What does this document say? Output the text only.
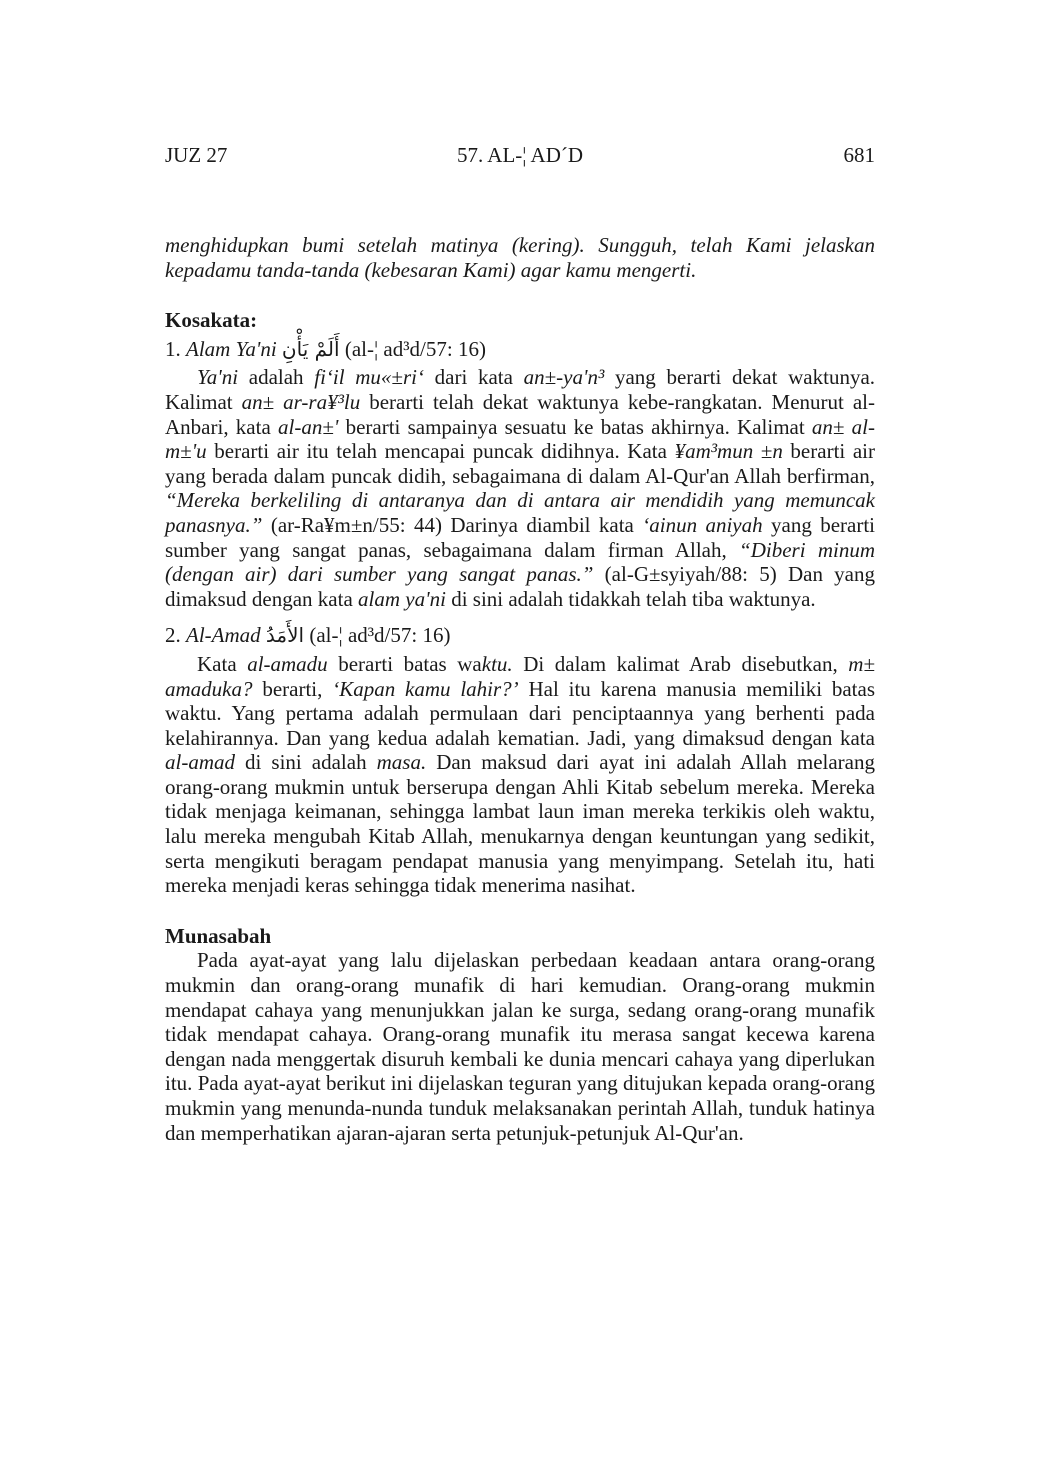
JUZ 27	57. AL-¦ AD´D	681

menghidupkan bumi setelah matinya (kering). Sungguh, telah Kami jelaskan kepadamu tanda-tanda (kebesaran Kami) agar kamu mengerti.

Kosakata:

1. Alam Ya'ni أَلَمْ يَأْنِ (al-¦ ad³d/57: 16)

Ya'ni adalah fi‘il mu«±ri‘ dari kata an±-ya'n³ yang berarti dekat waktunya. Kalimat an± ar-ra¥³lu berarti telah dekat waktunya kebe-rangkatan. Menurut al-Anbari, kata al-an±' berarti sampainya sesuatu ke batas akhirnya. Kalimat an± al-m±'u berarti air itu telah mencapai puncak didihnya. Kata ¥am³mun ±n berarti air yang berada dalam puncak didih, sebagaimana di dalam Al-Qur'an Allah berfirman, “Mereka berkeliling di antaranya dan di antara air mendidih yang memuncak panasnya.” (ar-Ra¥m±n/55: 44) Darinya diambil kata ‘ainun aniyah yang berarti sumber yang sangat panas, sebagaimana dalam firman Allah, “Diberi minum (dengan air) dari sumber yang sangat panas.” (al-G±syiyah/88: 5) Dan yang dimaksud dengan kata alam ya'ni di sini adalah tidakkah telah tiba waktunya.

2. Al-Amad الأَمَدُ (al-¦ ad³d/57: 16)

Kata al-amadu berarti batas waktu. Di dalam kalimat Arab disebutkan, m± amaduka? berarti, ‘Kapan kamu lahir?’ Hal itu karena manusia memiliki batas waktu. Yang pertama adalah permulaan dari penciptaannya yang berhenti pada kelahirannya. Dan yang kedua adalah kematian. Jadi, yang dimaksud dengan kata al-amad di sini adalah masa. Dan maksud dari ayat ini adalah Allah melarang orang-orang mukmin untuk berserupa dengan Ahli Kitab sebelum mereka. Mereka tidak menjaga keimanan, sehingga lambat laun iman mereka terkikis oleh waktu, lalu mereka mengubah Kitab Allah, menukarnya dengan keuntungan yang sedikit, serta mengikuti beragam pendapat manusia yang menyimpang. Setelah itu, hati mereka menjadi keras sehingga tidak menerima nasihat.

Munasabah

Pada ayat-ayat yang lalu dijelaskan perbedaan keadaan antara orang-orang mukmin dan orang-orang munafik di hari kemudian. Orang-orang mukmin mendapat cahaya yang menunjukkan jalan ke surga, sedang orang-orang munafik tidak mendapat cahaya. Orang-orang munafik itu merasa sangat kecewa karena dengan nada menggertak disuruh kembali ke dunia mencari cahaya yang diperlukan itu. Pada ayat-ayat berikut ini dijelaskan teguran yang ditujukan kepada orang-orang mukmin yang menunda-nunda tunduk melaksanakan perintah Allah, tunduk hatinya dan memperhatikan ajaran-ajaran serta petunjuk-petunjuk Al-Qur'an.
